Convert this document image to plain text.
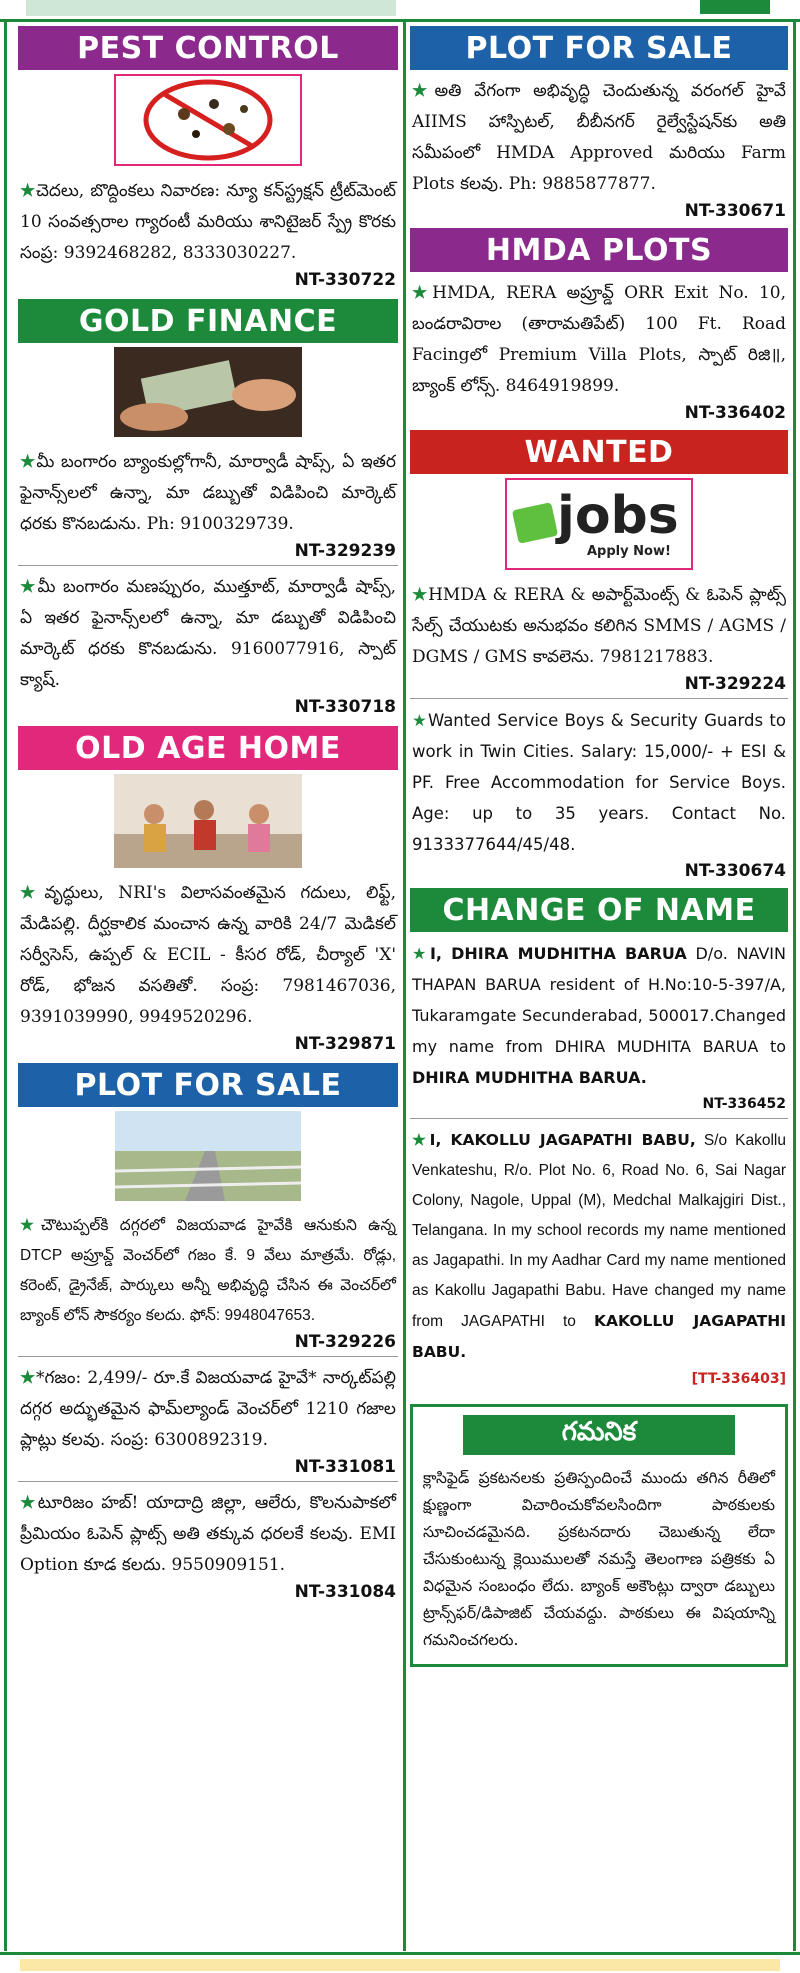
PEST CONTROL
★చెదలు, బొద్దింకలు నివారణ: న్యూ కన్‌స్ట్రక్షన్ ట్రీట్‌మెంట్ 10 సంవత్సరాల గ్యారంటీ మరియు శానిటైజర్ స్ప్రే కొరకు సంప్ర: 9392468282, 8333030227.
NT-330722
GOLD FINANCE
★మీ బంగారం బ్యాంకుల్లోగానీ, మార్వాడీ షాప్స్, ఏ ఇతర ఫైనాన్స్‌లలో ఉన్నా, మా డబ్బుతో విడిపించి మార్కెట్ ధరకు కొనబడును. Ph: 9100329739.
NT-329239
★మీ బంగారం మణప్పురం, ముత్తూట్, మార్వాడీ షాప్స్, ఏ ఇతర ఫైనాన్స్‌లలో ఉన్నా, మా డబ్బుతో విడిపించి మార్కెట్ ధరకు కొనబడును. 9160077916, స్పాట్ క్యాష్.
NT-330718
OLD AGE HOME
★వృద్ధులు, NRI's విలాసవంతమైన గదులు, లిఫ్ట్, మేడిపల్లి. దీర్ఘకాలిక మంచాన ఉన్న వారికి 24/7 మెడికల్ సర్వీసెస్, ఉప్పల్ & ECIL - కీసర రోడ్, చీర్యాల్ 'X' రోడ్, భోజన వసతితో. సంప్ర: 7981467036, 9391039990, 9949520296.
NT-329871
PLOT FOR SALE
★చౌటుప్పల్‌కి దగ్గరలో విజయవాడ హైవేకి ఆనుకుని ఉన్న DTCP అప్రూవ్డ్ వెంచర్‌లో గజం కే. 9 వేలు మాత్రమే. రోడ్లు, కరెంట్, డ్రైనేజ్, పార్కులు అన్నీ అభివృద్ధి చేసిన ఈ వెంచర్‌లో బ్యాంక్ లోన్ సౌకర్యం కలదు. ఫోన్: 9948047653.
NT-329226
★*గజం: 2,499/- రూ.కే విజయవాడ హైవే* నార్కట్‌పల్లి దగ్గర అద్భుతమైన ఫామ్‌ల్యాండ్ వెంచర్‌లో 1210 గజాల ప్లాట్లు కలవు. సంప్ర: 6300892319.
NT-331081
★టూరిజం హబ్! యాదాద్రి జిల్లా, ఆలేరు, కొలనుపాకలో ప్రీమియం ఓపెన్ ప్లాట్స్ అతి తక్కువ ధరలకే కలవు. EMI Option కూడ కలదు. 9550909151.
NT-331084
PLOT FOR SALE
★అతి వేగంగా అభివృద్ధి చెందుతున్న వరంగల్ హైవే AIIMS హాస్పిటల్, బీబీనగర్ రైల్వేస్టేషన్‌కు అతి సమీపంలో HMDA Approved మరియు Farm Plots కలవు. Ph: 9885877877.
NT-330671
HMDA PLOTS
★HMDA, RERA అప్రూవ్డ్ ORR Exit No. 10, బండరావిరాల (తారామతిపేట్) 100 Ft. Road Facingలో Premium Villa Plots, స్పాట్ రిజి॥, బ్యాంక్ లోన్స్. 8464919899.
NT-336402
WANTED
jobs
Apply Now!
★HMDA & RERA & అపార్ట్‌మెంట్స్ & ఓపెన్ ప్లాట్స్ సేల్స్ చేయుటకు అనుభవం కలిగిన SMMS / AGMS / DGMS / GMS కావలెను. 7981217883.
NT-329224
★Wanted Service Boys & Security Guards to work in Twin Cities. Salary: 15,000/- + ESI & PF. Free Accommodation for Service Boys. Age: up to 35 years. Contact No. 9133377644/45/48.
NT-330674
CHANGE OF NAME
★I, DHIRA MUDHITHA BARUA D/o. NAVIN THAPAN BARUA resident of H.No:10-5-397/A, Tukaramgate Secunderabad, 500017.Changed my name from DHIRA MUDHITA BARUA to DHIRA MUDHITHA BARUA.
NT-336452
★I, KAKOLLU JAGAPATHI BABU, S/o Kakollu Venkateshu, R/o. Plot No. 6, Road No. 6, Sai Nagar Colony, Nagole, Uppal (M), Medchal Malkajgiri Dist., Telangana. In my school records my name mentioned as Jagapathi. In my Aadhar Card my name mentioned as Kakollu Jagapathi Babu. Have changed my name from JAGAPATHI to KAKOLLU JAGAPATHI BABU.
[TT-336403]
గమనిక
క్లాసిఫైడ్ ప్రకటనలకు ప్రతిస్పందించే ముందు తగిన రీతిలో క్షుణ్ణంగా విచారించుకోవలసిందిగా పాఠకులకు సూచించడమైనది. ప్రకటనదారు చెబుతున్న లేదా చేసుకుంటున్న క్లెయిములతో నమస్తే తెలంగాణ పత్రికకు ఏ విధమైన సంబంధం లేదు. బ్యాంక్ అకౌంట్లు ద్వారా డబ్బులు ట్రాన్స్‌ఫర్/డిపాజిట్ చేయవద్దు. పాఠకులు ఈ విషయాన్ని గమనించగలరు.
